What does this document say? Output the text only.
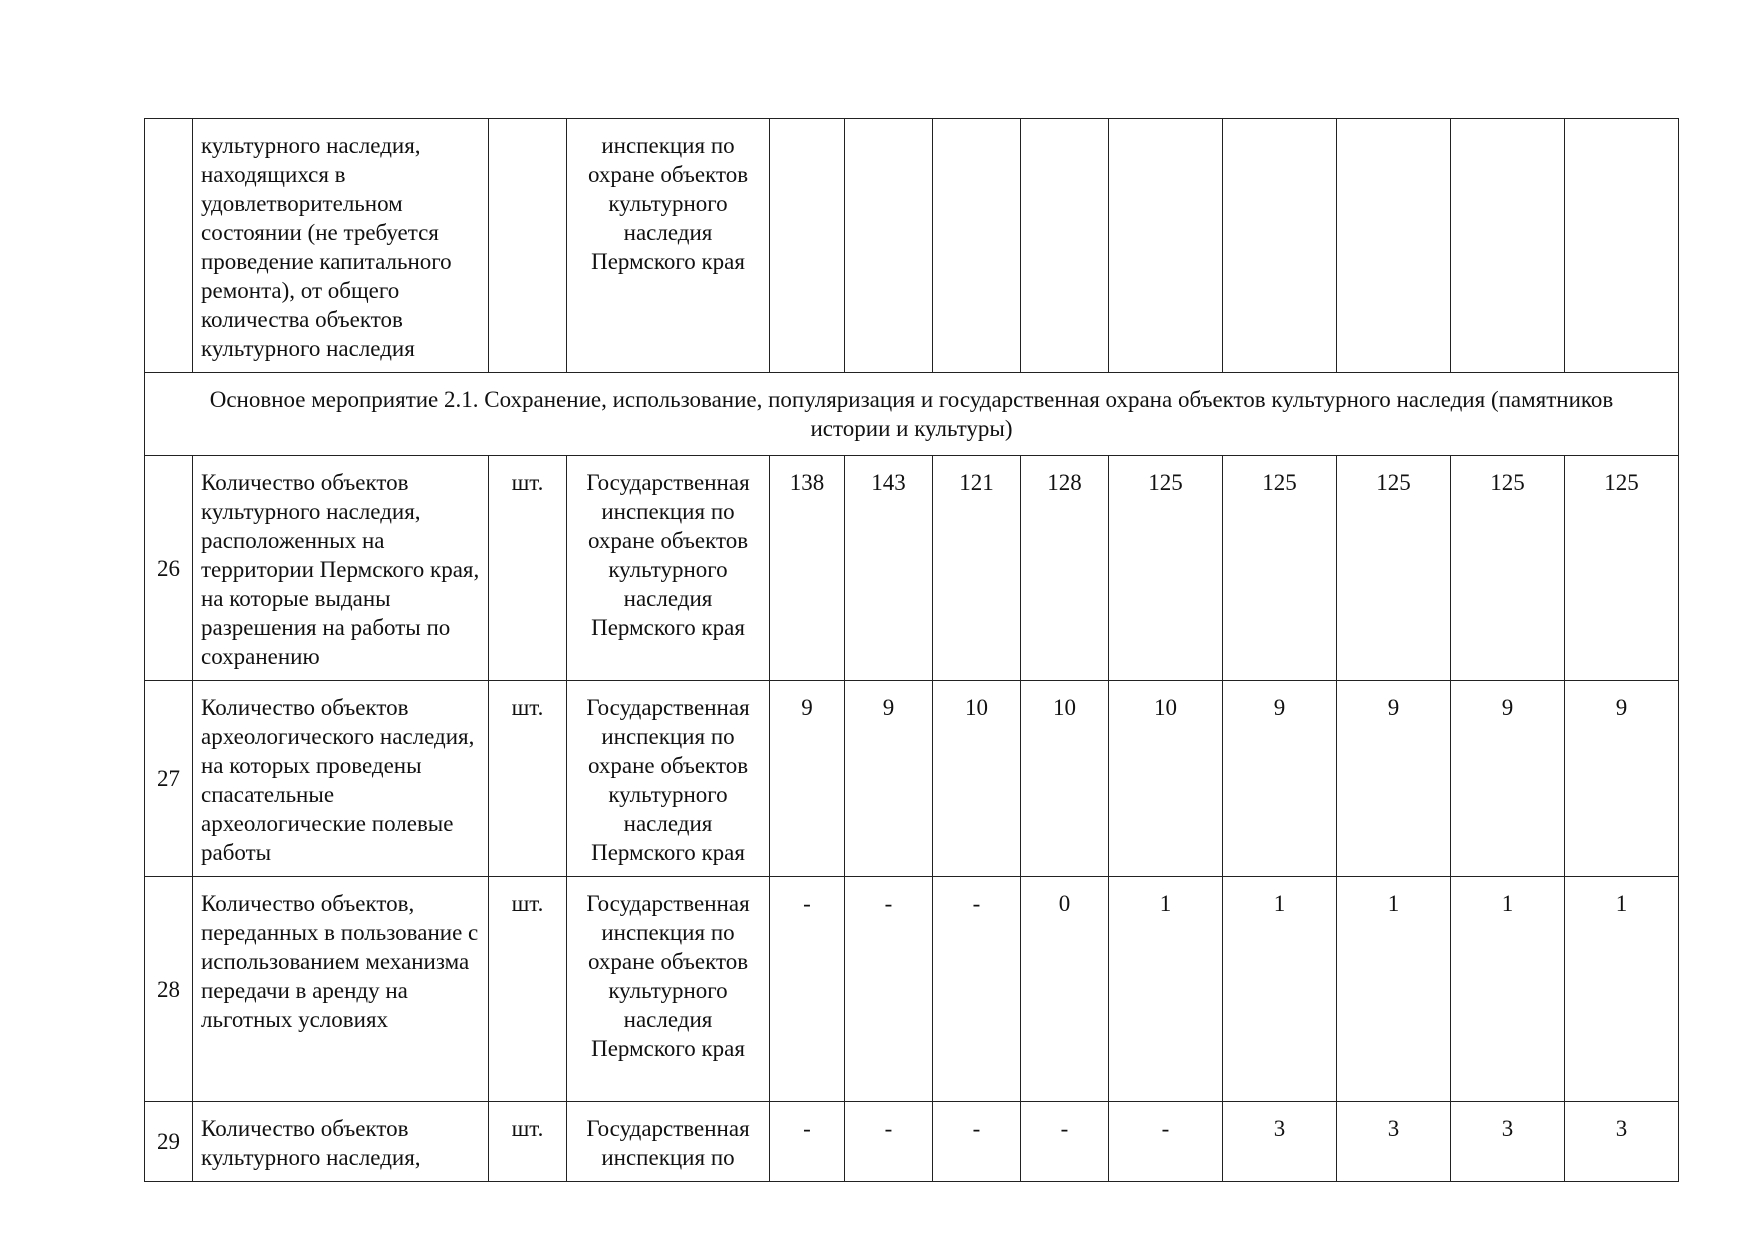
	культурного наследия, находящихся в удовлетворительном состоянии (не требуется проведение капитального ремонта), от общего количества объектов культурного наследия		инспекция по охране объектов культурного наследия Пермского края									
Основное мероприятие 2.1. Сохранение, использование, популяризация и государственная охрана объектов культурного наследия (памятников истории и культуры)												
26	Количество объектов культурного наследия, расположенных на территории Пермского края, на которые выданы разрешения на работы по сохранению	шт.	Государственная инспекция по охране объектов культурного наследия Пермского края	138	143	121	128	125	125	125	125	125
27	Количество объектов археологического наследия, на которых проведены спасательные археологические полевые работы	шт.	Государственная инспекция по охране объектов культурного наследия Пермского края	9	9	10	10	10	9	9	9	9
28	Количество объектов, переданных в пользование с использованием механизма передачи в аренду на льготных условиях	шт.	Государственная инспекция по охране объектов культурного наследия Пермского края	-	-	-	0	1	1	1	1	1
29	Количество объектов культурного наследия,	шт.	Государственная инспекция по	-	-	-	-	-	3	3	3	3
